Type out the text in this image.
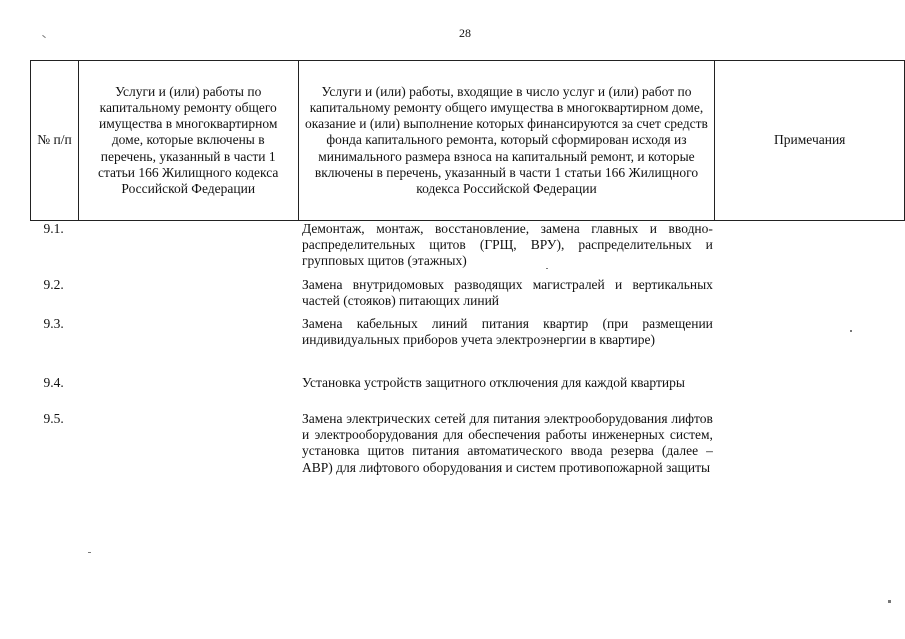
28
№ п/п	Услуги и (или) работы по капитальному ремонту общего имущества в многоквартирном доме, которые включены в перечень, указанный в части 1 статьи 166 Жилищного кодекса Российской Федерации	Услуги и (или) работы, входящие в число услуг и (или) работ по капитальному ремонту общего имущества в многоквартирном доме, оказание и (или) выполнение которых финансируются за счет средств фонда капитального ремонта, который сформирован исходя из минимального размера взноса на капитальный ремонт, и которые включены в перечень, указанный в части 1 статьи 166 Жилищного кодекса Российской Федерации	Примечания
9.1.		Демонтаж, монтаж, восстановление, замена главных и вводно-распределительных щитов (ГРЩ, ВРУ), распределительных и групповых щитов (этажных)	
9.2.		Замена внутридомовых разводящих магистралей и вертикальных частей (стояков) питающих линий	
9.3.		Замена кабельных линий питания квартир (при размещении индивидуальных приборов учета электроэнергии в квартире)	
9.4.		Установка устройств защитного отключения для каждой квартиры	
9.5.		Замена электрических сетей для питания электрооборудования лифтов и электрооборудования для обеспечения работы инженерных систем, установка щитов питания автоматического ввода резерва (далее – АВР) для лифтового оборудования и систем противопожарной защиты	
